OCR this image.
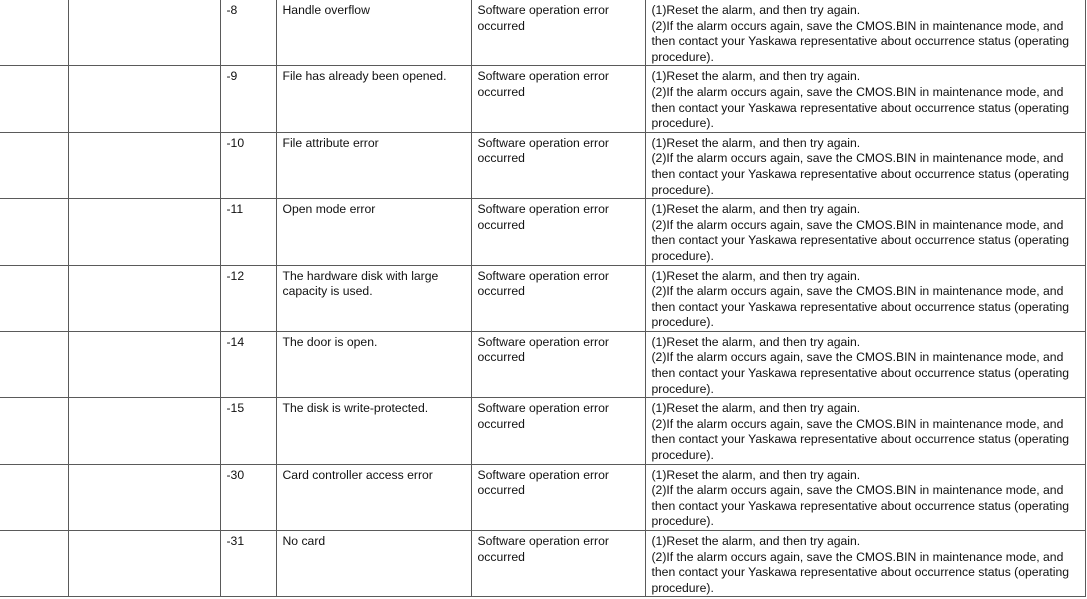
		-8	Handle overflow	Software operation error
occurred	(1)Reset the alarm, and then try again.
(2)If the alarm occurs again, save the CMOS.BIN in maintenance mode, and
then contact your Yaskawa representative about occurrence status (operating
procedure).

		-9	File has already been opened.	Software operation error
occurred	(1)Reset the alarm, and then try again.
(2)If the alarm occurs again, save the CMOS.BIN in maintenance mode, and
then contact your Yaskawa representative about occurrence status (operating
procedure).

		-10	File attribute error	Software operation error
occurred	(1)Reset the alarm, and then try again.
(2)If the alarm occurs again, save the CMOS.BIN in maintenance mode, and
then contact your Yaskawa representative about occurrence status (operating
procedure).

		-11	Open mode error	Software operation error
occurred	(1)Reset the alarm, and then try again.
(2)If the alarm occurs again, save the CMOS.BIN in maintenance mode, and
then contact your Yaskawa representative about occurrence status (operating
procedure).

		-12	The hardware disk with large capacity is used.	Software operation error
occurred	(1)Reset the alarm, and then try again.
(2)If the alarm occurs again, save the CMOS.BIN in maintenance mode, and
then contact your Yaskawa representative about occurrence status (operating
procedure).

		-14	The door is open.	Software operation error
occurred	(1)Reset the alarm, and then try again.
(2)If the alarm occurs again, save the CMOS.BIN in maintenance mode, and
then contact your Yaskawa representative about occurrence status (operating
procedure).

		-15	The disk is write-protected.	Software operation error
occurred	(1)Reset the alarm, and then try again.
(2)If the alarm occurs again, save the CMOS.BIN in maintenance mode, and
then contact your Yaskawa representative about occurrence status (operating
procedure).

		-30	Card controller access error	Software operation error
occurred	(1)Reset the alarm, and then try again.
(2)If the alarm occurs again, save the CMOS.BIN in maintenance mode, and
then contact your Yaskawa representative about occurrence status (operating
procedure).

		-31	No card	Software operation error
occurred	(1)Reset the alarm, and then try again.
(2)If the alarm occurs again, save the CMOS.BIN in maintenance mode, and
then contact your Yaskawa representative about occurrence status (operating
procedure).
